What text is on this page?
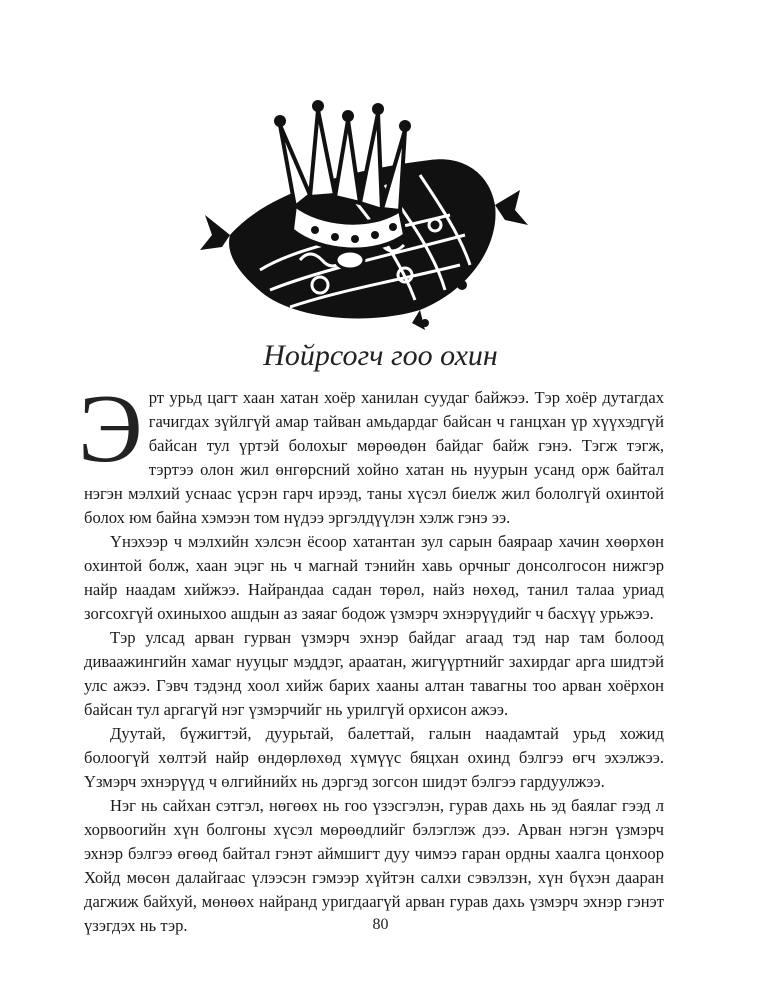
Нойрсогч гоо охин

Эрт урьд цагт хаан хатан хоёр ханилан суудаг байжээ. Тэр хоёр дутагдах гачигдах зүйлгүй амар тайван амьдардаг байсан ч ганцхан үр хүүхэдгүй байсан тул үртэй болохыг мөрөөдөн байдаг байж гэнэ. Тэгж тэгж, тэртээ олон жил өнгөрсний хойно хатан нь нуурын усанд орж байтал нэгэн мэлхий уснаас үсрэн гарч ирээд, таны хүсэл биелж жил бололгүй охинтой болох юм байна хэмээн том нүдээ эргэлдүүлэн хэлж гэнэ ээ.

Үнэхээр ч мэлхийн хэлсэн ёсоор хатантан зул сарын баяраар хачин хөөрхөн охинтой болж, хаан эцэг нь ч магнай тэнийн хавь орчныг донсолгосон нижгэр найр наадам хийжээ. Найрандаа садан төрөл, найз нөхөд, танил талаа уриад зогсохгүй охиныхоо ашдын аз заяаг бодож үзмэрч эхнэрүүдийг ч басхүү урьжээ.

Тэр улсад арван гурван үзмэрч эхнэр байдаг агаад тэд нар там болоод диваажингийн хамаг нууцыг мэддэг, араатан, жигүүртнийг захирдаг арга шидтэй улс ажээ. Гэвч тэдэнд хоол хийж барих хааны алтан тавагны тоо арван хоёрхон байсан тул аргагүй нэг үзмэрчийг нь урилгүй орхисон ажээ.

Дуутай, бүжигтэй, дуурьтай, балеттай, галын наадамтай урьд хожид болоогүй хөлтэй найр өндөрлөхөд хүмүүс бяцхан охинд бэлгээ өгч эхэлжээ. Үзмэрч эхнэрүүд ч өлгийнийх нь дэргэд зогсон шидэт бэлгээ гардуулжээ.

Нэг нь сайхан сэтгэл, нөгөөх нь гоо үзэсгэлэн, гурав дахь нь эд баялаг гээд л хорвоогийн хүн болгоны хүсэл мөрөөдлийг бэлэглэж дээ. Арван нэгэн үзмэрч эхнэр бэлгээ өгөөд байтал гэнэт аймшигт дуу чимээ гаран ордны хаалга цонхоор Хойд мөсөн далайгаас үлээсэн гэмээр хүйтэн салхи сэвэлзэн, хүн бүхэн дааран дагжиж байхуй, мөнөөх найранд уригдаагүй арван гурав дахь үзмэрч эхнэр гэнэт үзэгдэх нь тэр.	80
